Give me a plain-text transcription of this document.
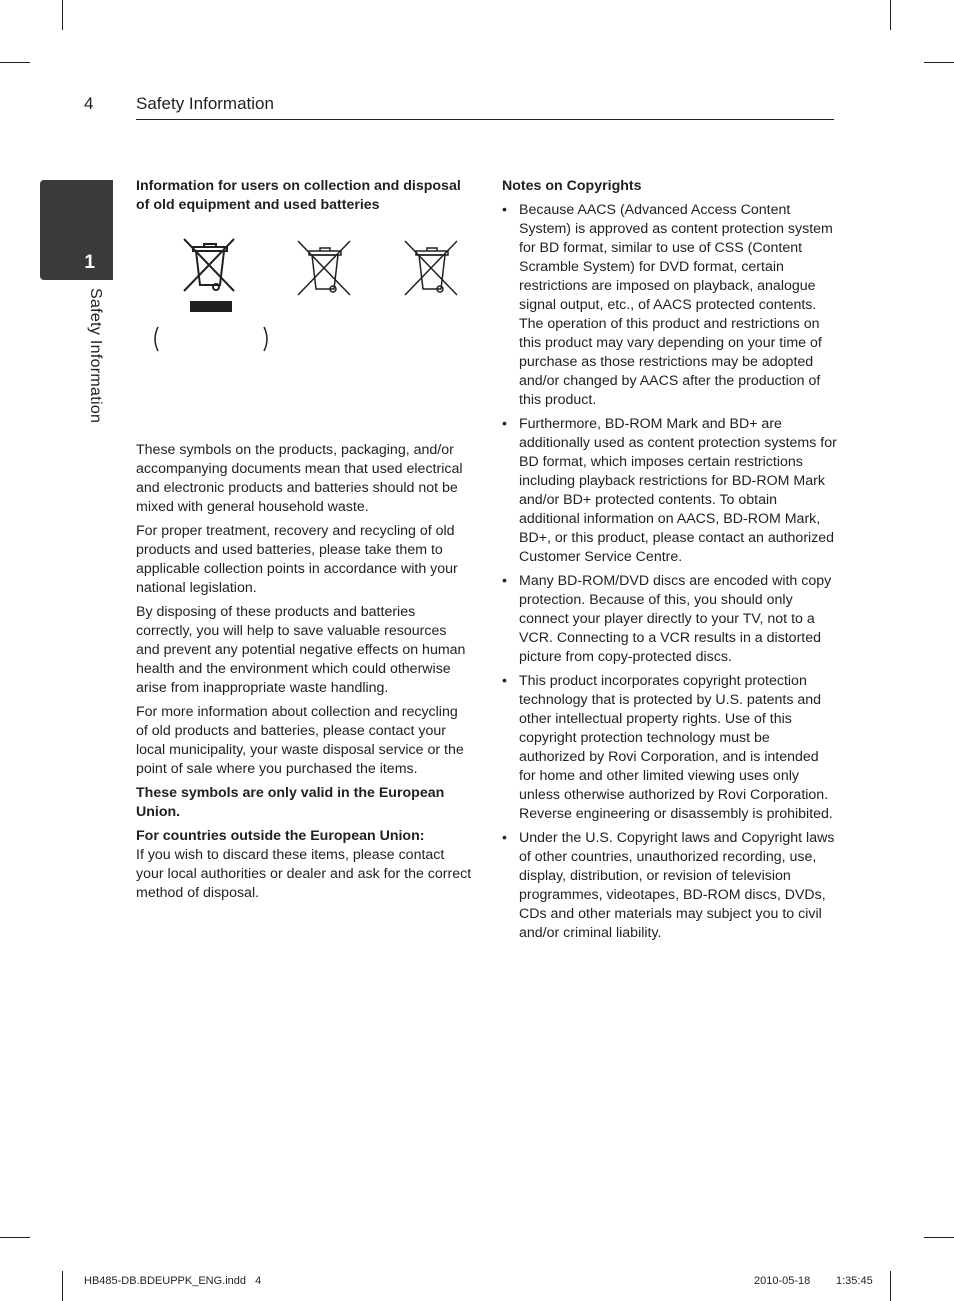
4	Safety Information
1
Safety Information

Information for users on collection and disposal of old equipment and used batteries

These symbols on the products, packaging, and/or accompanying documents mean that used electrical and electronic products and batteries should not be mixed with general household waste.

For proper treatment, recovery and recycling of old products and used batteries, please take them to applicable collection points in accordance with your national legislation.

By disposing of these products and batteries correctly, you will help to save valuable resources and prevent any potential negative effects on human health and the environment which could otherwise arise from inappropriate waste handling.

For more information about collection and recycling of old products and batteries, please contact your local municipality, your waste disposal service or the point of sale where you purchased the items.

These symbols are only valid in the European Union.

For countries outside the European Union:

If you wish to discard these items, please contact your local authorities or dealer and ask for the correct method of disposal.

Notes on Copyrights

• Because AACS (Advanced Access Content System) is approved as content protection system for BD format, similar to use of CSS (Content Scramble System) for DVD format, certain restrictions are imposed on playback, analogue signal output, etc., of AACS protected contents. The operation of this product and restrictions on this product may vary depending on your time of purchase as those restrictions may be adopted and/or changed by AACS after the production of this product.
• Furthermore, BD-ROM Mark and BD+ are additionally used as content protection systems for BD format, which imposes certain restrictions including playback restrictions for BD-ROM Mark and/or BD+ protected contents. To obtain additional information on AACS, BD-ROM Mark, BD+, or this product, please contact an authorized Customer Service Centre.
• Many BD-ROM/DVD discs are encoded with copy protection. Because of this, you should only connect your player directly to your TV, not to a VCR. Connecting to a VCR results in a distorted picture from copy-protected discs.
• This product incorporates copyright protection technology that is protected by U.S. patents and other intellectual property rights. Use of this copyright protection technology must be authorized by Rovi Corporation, and is intended for home and other limited viewing uses only unless otherwise authorized by Rovi Corporation. Reverse engineering or disassembly is prohibited.
• Under the U.S. Copyright laws and Copyright laws of other countries, unauthorized recording, use, display, distribution, or revision of television programmes, videotapes, BD-ROM discs, DVDs, CDs and other materials may subject you to civil and/or criminal liability.
HB485-DB.BDEUPPK_ENG.indd   4	2010-05-18 1:35:45
